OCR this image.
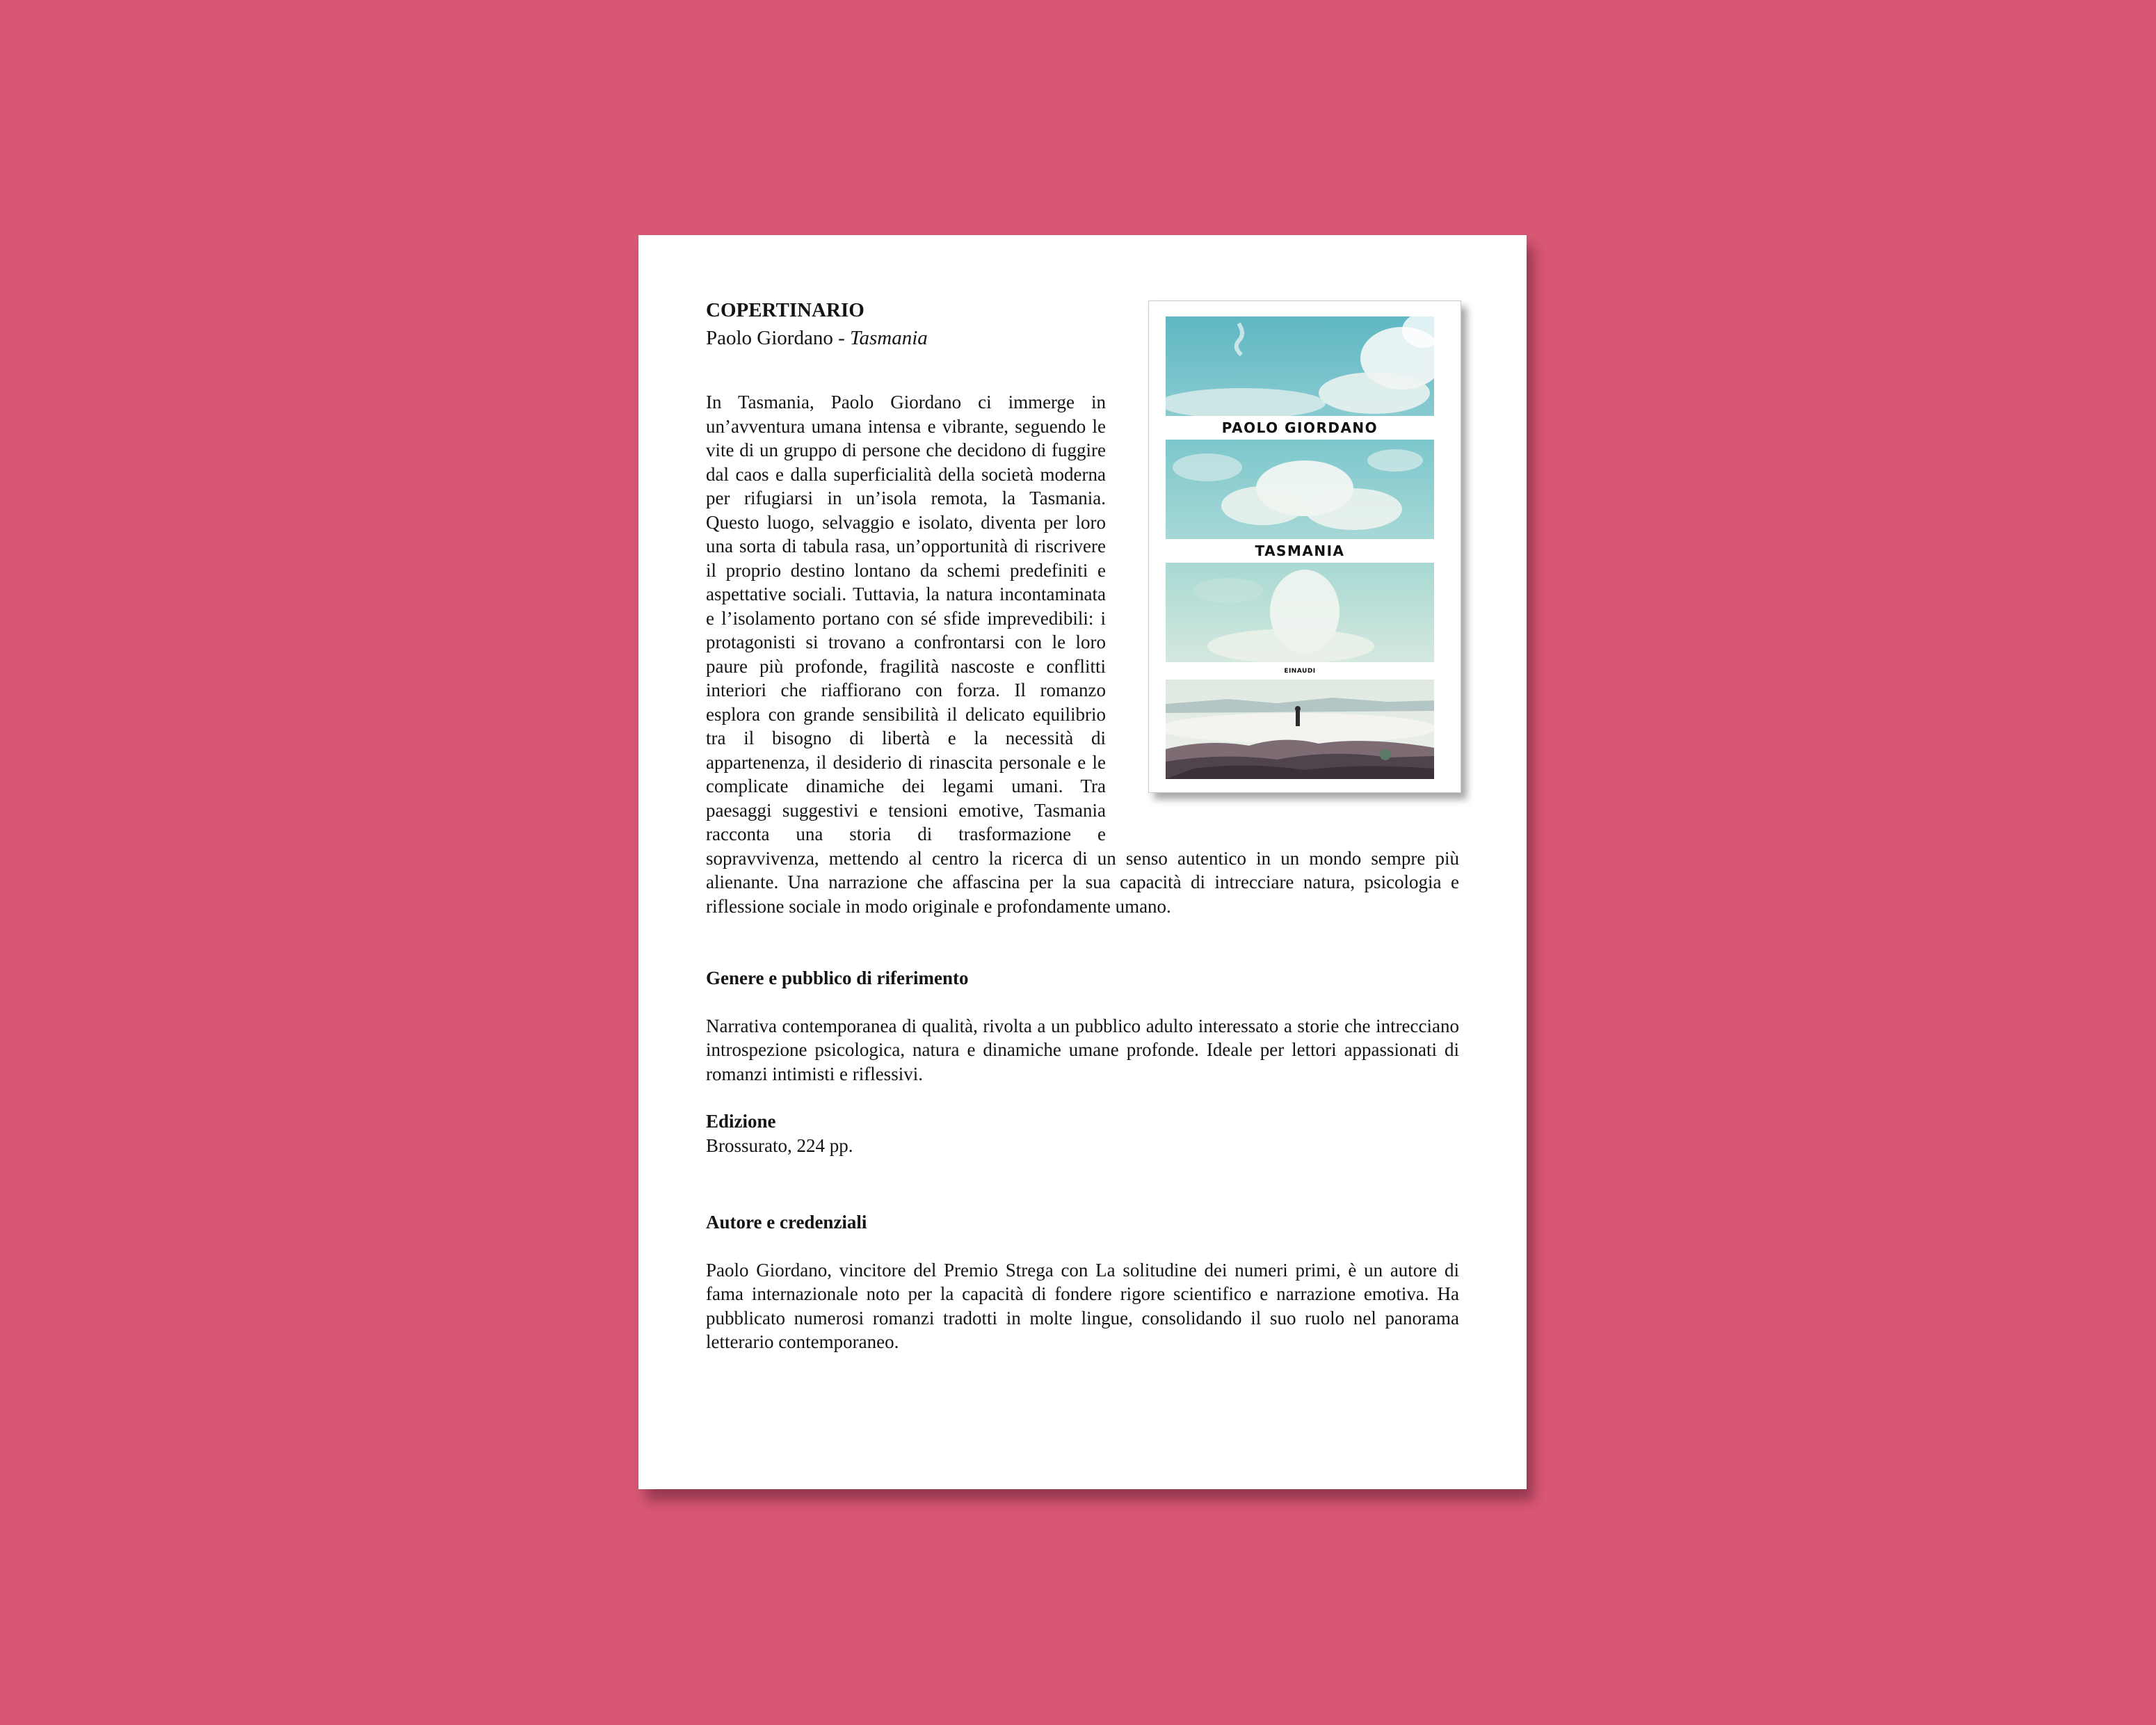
COPERTINARIO
Paolo Giordano - Tasmania
In Tasmania, Paolo Giordano ci immerge in un’avventura umana intensa e vibrante, seguendo le vite di un gruppo di persone che decidono di fuggire dal caos e dalla superficialità della società moderna per rifugiarsi in un’isola remota, la Tasmania. Questo luogo, selvaggio e isolato, diventa per loro una sorta di tabula rasa, un’opportunità di riscrivere il proprio destino lontano da schemi predefiniti e aspettative sociali. Tuttavia, la natura incontaminata e l’isolamento portano con sé sfide imprevedibili: i protagonisti si trovano a confrontarsi con le loro paure più profonde, fragilità nascoste e conflitti interiori che riaffiorano con forza. Il romanzo esplora con grande sensibilità il delicato equilibrio tra il bisogno di libertà e la necessità di appartenenza, il desiderio di rinascita personale e le complicate dinamiche dei legami umani. Tra paesaggi suggestivi e tensioni emotive, Tasmania racconta una storia di trasformazione e sopravvivenza, mettendo al centro la ricerca di un senso autentico in un mondo sempre più alienante. Una narrazione che affascina per la sua capacità di intrecciare natura, psicologia e riflessione sociale in modo originale e profondamente umano.
Genere e pubblico di riferimento
Narrativa contemporanea di qualità, rivolta a un pubblico adulto interessato a storie che intrecciano introspezione psicologica, natura e dinamiche umane profonde. Ideale per lettori appassionati di romanzi intimisti e riflessivi.
Edizione
Brossurato, 224 pp.
Autore e credenziali
Paolo Giordano, vincitore del Premio Strega con La solitudine dei numeri primi, è un autore di fama internazionale noto per la capacità di fondere rigore scientifico e narrazione emotiva. Ha pubblicato numerosi romanzi tradotti in molte lingue, consolidando il suo ruolo nel panorama letterario contemporaneo.
PAOLO GIORDANO
TASMANIA
EINAUDI
